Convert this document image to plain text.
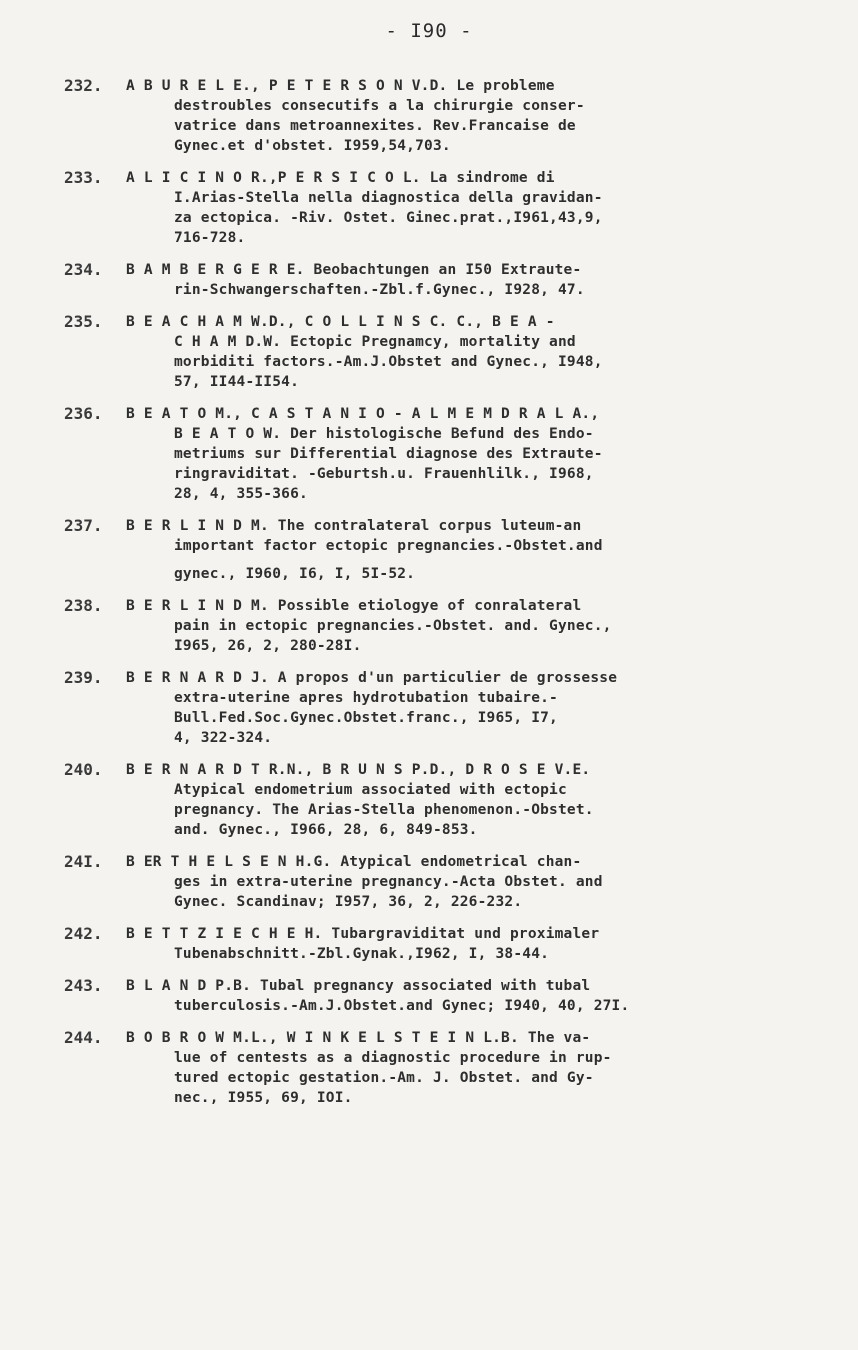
- I90 -
232. A B U R E L E., P E T E R S O N V.D. Le probleme
destroubles consecutifs a la chirurgie conser-
vatrice dans metroannexites. Rev.Francaise de
Gynec.et d'obstet. I959,54,703.
233. A L I C I N O R.,P E R S I C O L. La sindrome di
I.Arias-Stella nella diagnostica della gravidan-
za ectopica. -Riv. Ostet. Ginec.prat.,I961,43,9,
716-728.
234. B A M B E R G E R E. Beobachtungen an I50 Extraute-
rin-Schwangerschaften.-Zbl.f.Gynec., I928, 47.
235. B E A C H A M W.D., C O L L I N S C. C., B E A -
C H A M D.W. Ectopic Pregnamcy, mortality and
morbiditi factors.-Am.J.Obstet and Gynec., I948,
57, II44-II54.
236. B E A T O M., C A S T A N I O - A L M E M D R A L A.,
B E A T O W. Der histologische Befund des Endo-
metriums sur Differential diagnose des Extraute-
ringraviditat. -Geburtsh.u. Frauenhlilk., I968,
28, 4, 355-366.
237. B E R L I N D M. The contralateral corpus luteum-an
important factor ectopic pregnancies.-Obstet.and
gynec., I960, I6, I, 5I-52.
238. B E R L I N D M. Possible etiologye of conralateral
pain in ectopic pregnancies.-Obstet. and. Gynec.,
I965, 26, 2, 280-28I.
239. B E R N A R D J. A propos d'un particulier de grossesse
extra-uterine apres hydrotubation tubaire.-
Bull.Fed.Soc.Gynec.Obstet.franc., I965, I7,
4, 322-324.
240. B E R N A R D T R.N., B R U N S P.D., D R O S E V.E.
Atypical endometrium associated with ectopic
pregnancy. The Arias-Stella phenomenon.-Obstet.
and. Gynec., I966, 28, 6, 849-853.
24I. B ER T H E L S E N H.G. Atypical endometrical chan-
ges in extra-uterine pregnancy.-Acta Obstet. and
Gynec. Scandinav; I957, 36, 2, 226-232.
242. B E T T Z I E C H E H. Tubargraviditat und proximaler
Tubenabschnitt.-Zbl.Gynak.,I962, I, 38-44.
243. B L A N D P.B. Tubal pregnancy associated with tubal
tuberculosis.-Am.J.Obstet.and Gynec; I940, 40, 27I.
244. B O B R O W M.L., W I N K E L S T E I N L.B. The va-
lue of centests as a diagnostic procedure in rup-
tured ectopic gestation.-Am. J. Obstet. and Gy-
nec., I955, 69, IOI.
